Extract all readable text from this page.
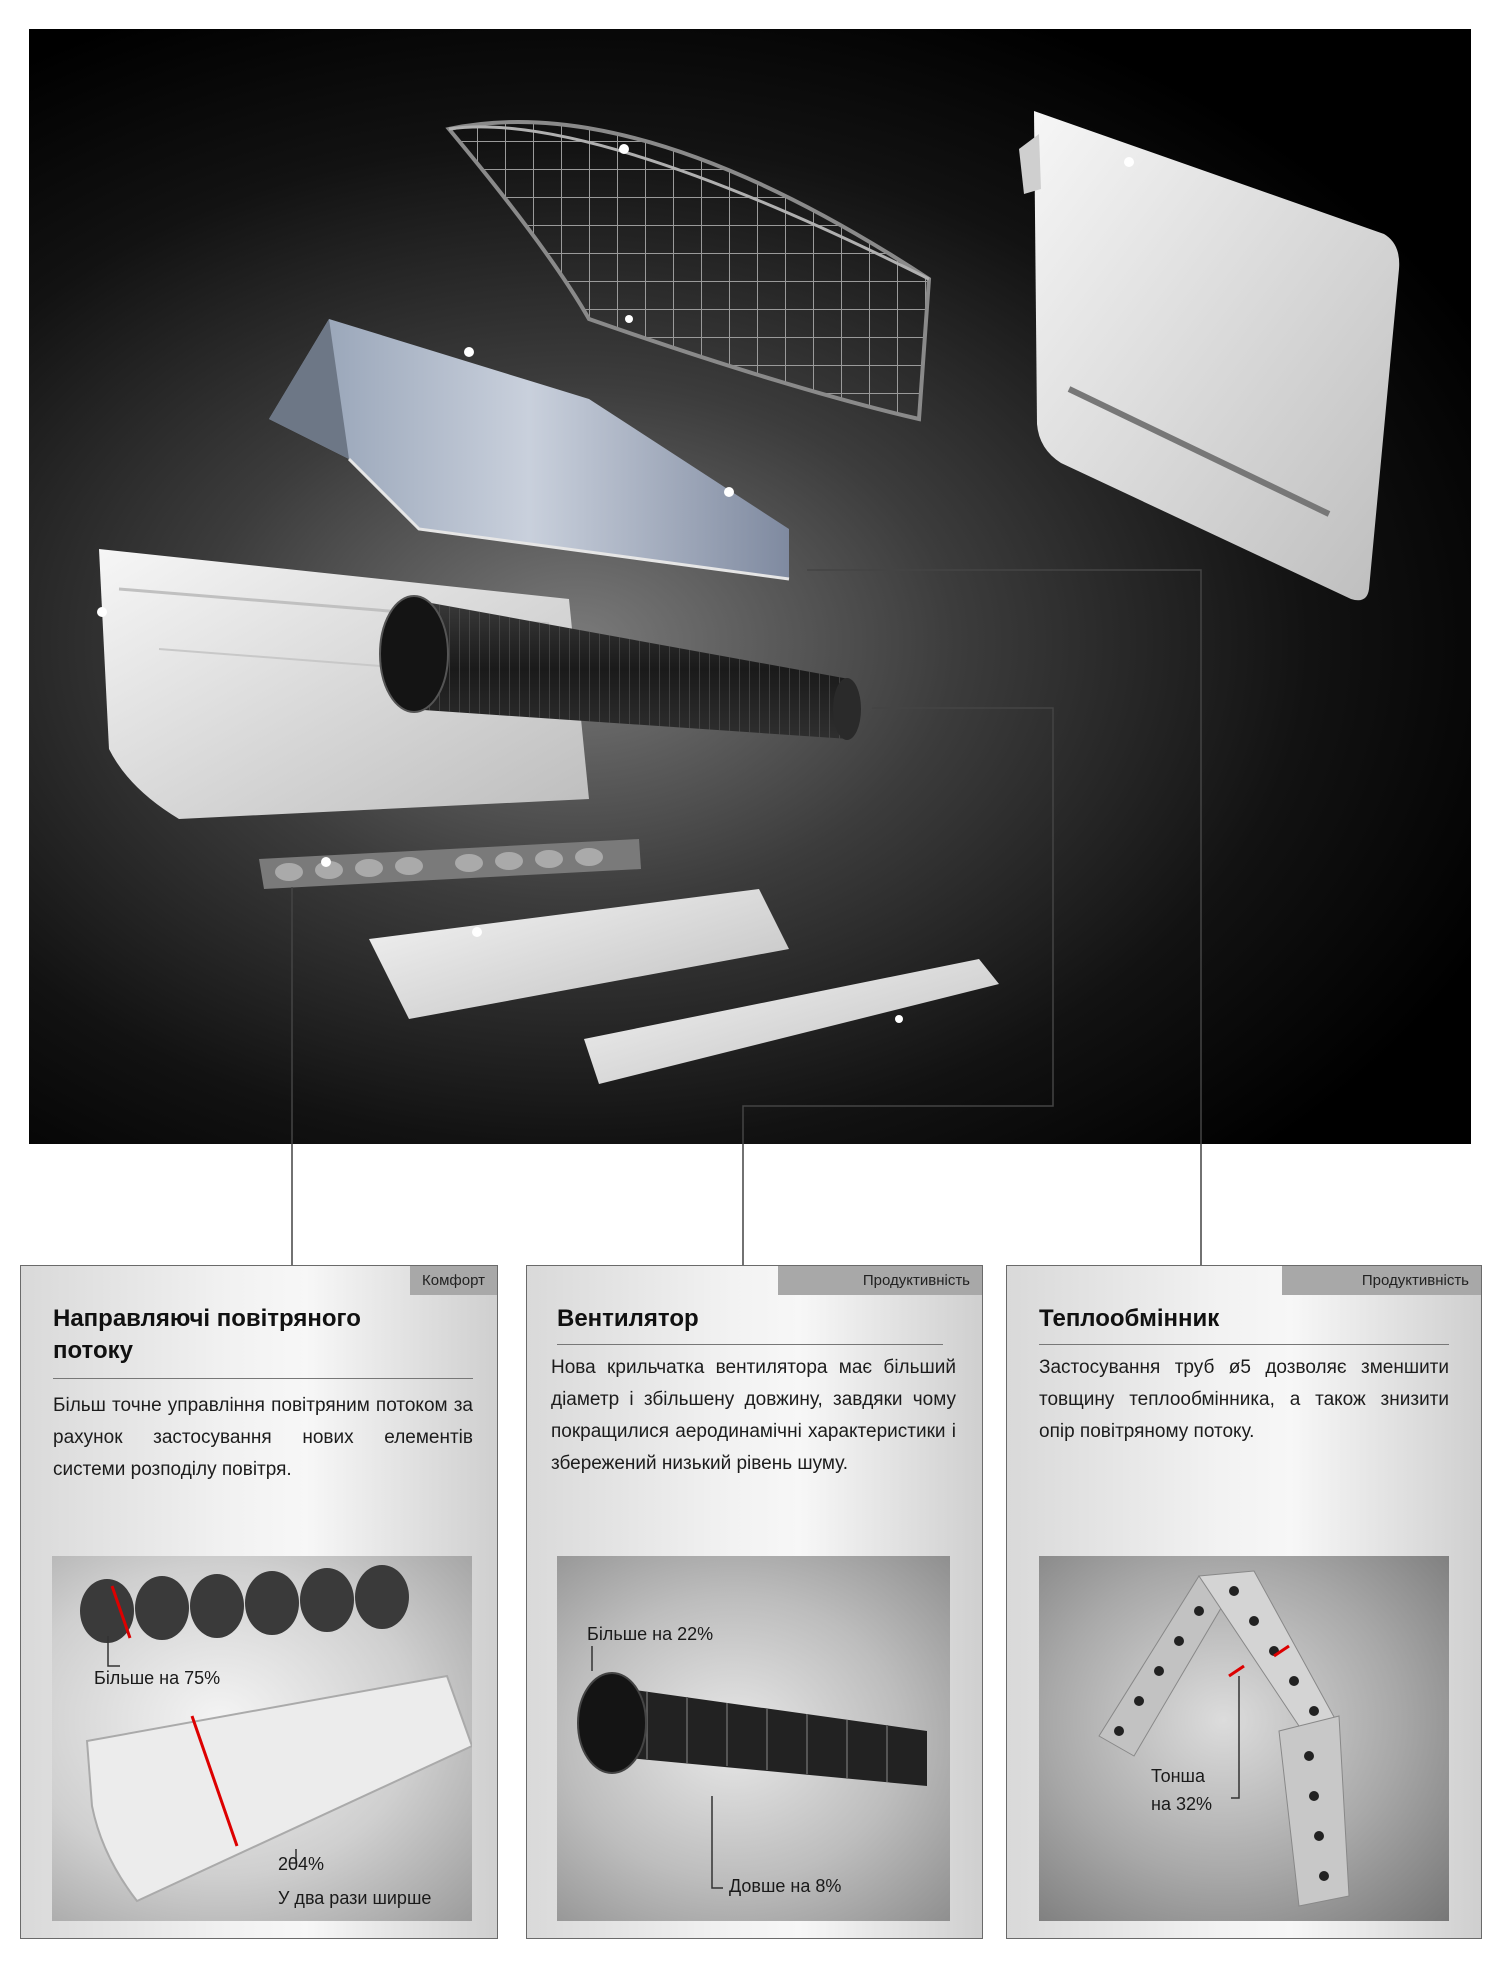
Комфорт
Направляючі повітряного
потоку
Більш точне управління повітряним потоком за рахунок застосування нових елементів системи розподілу повітря.
Більше на 75%
204%
У два рази ширше
Продуктивність
Вентилятор
Нова крильчатка вентилятора має більший діаметр і збільшену довжину, завдяки чому покращилися аеродинамічні характеристики і збережений низький рівень шуму.
Більше на 22%
Довше на 8%
Продуктивність
Теплообмінник
Застосування труб ø5 дозволяє зменшити товщину теплообмінника, а також знизити опір повітряному потоку.
Тонша
на 32%
